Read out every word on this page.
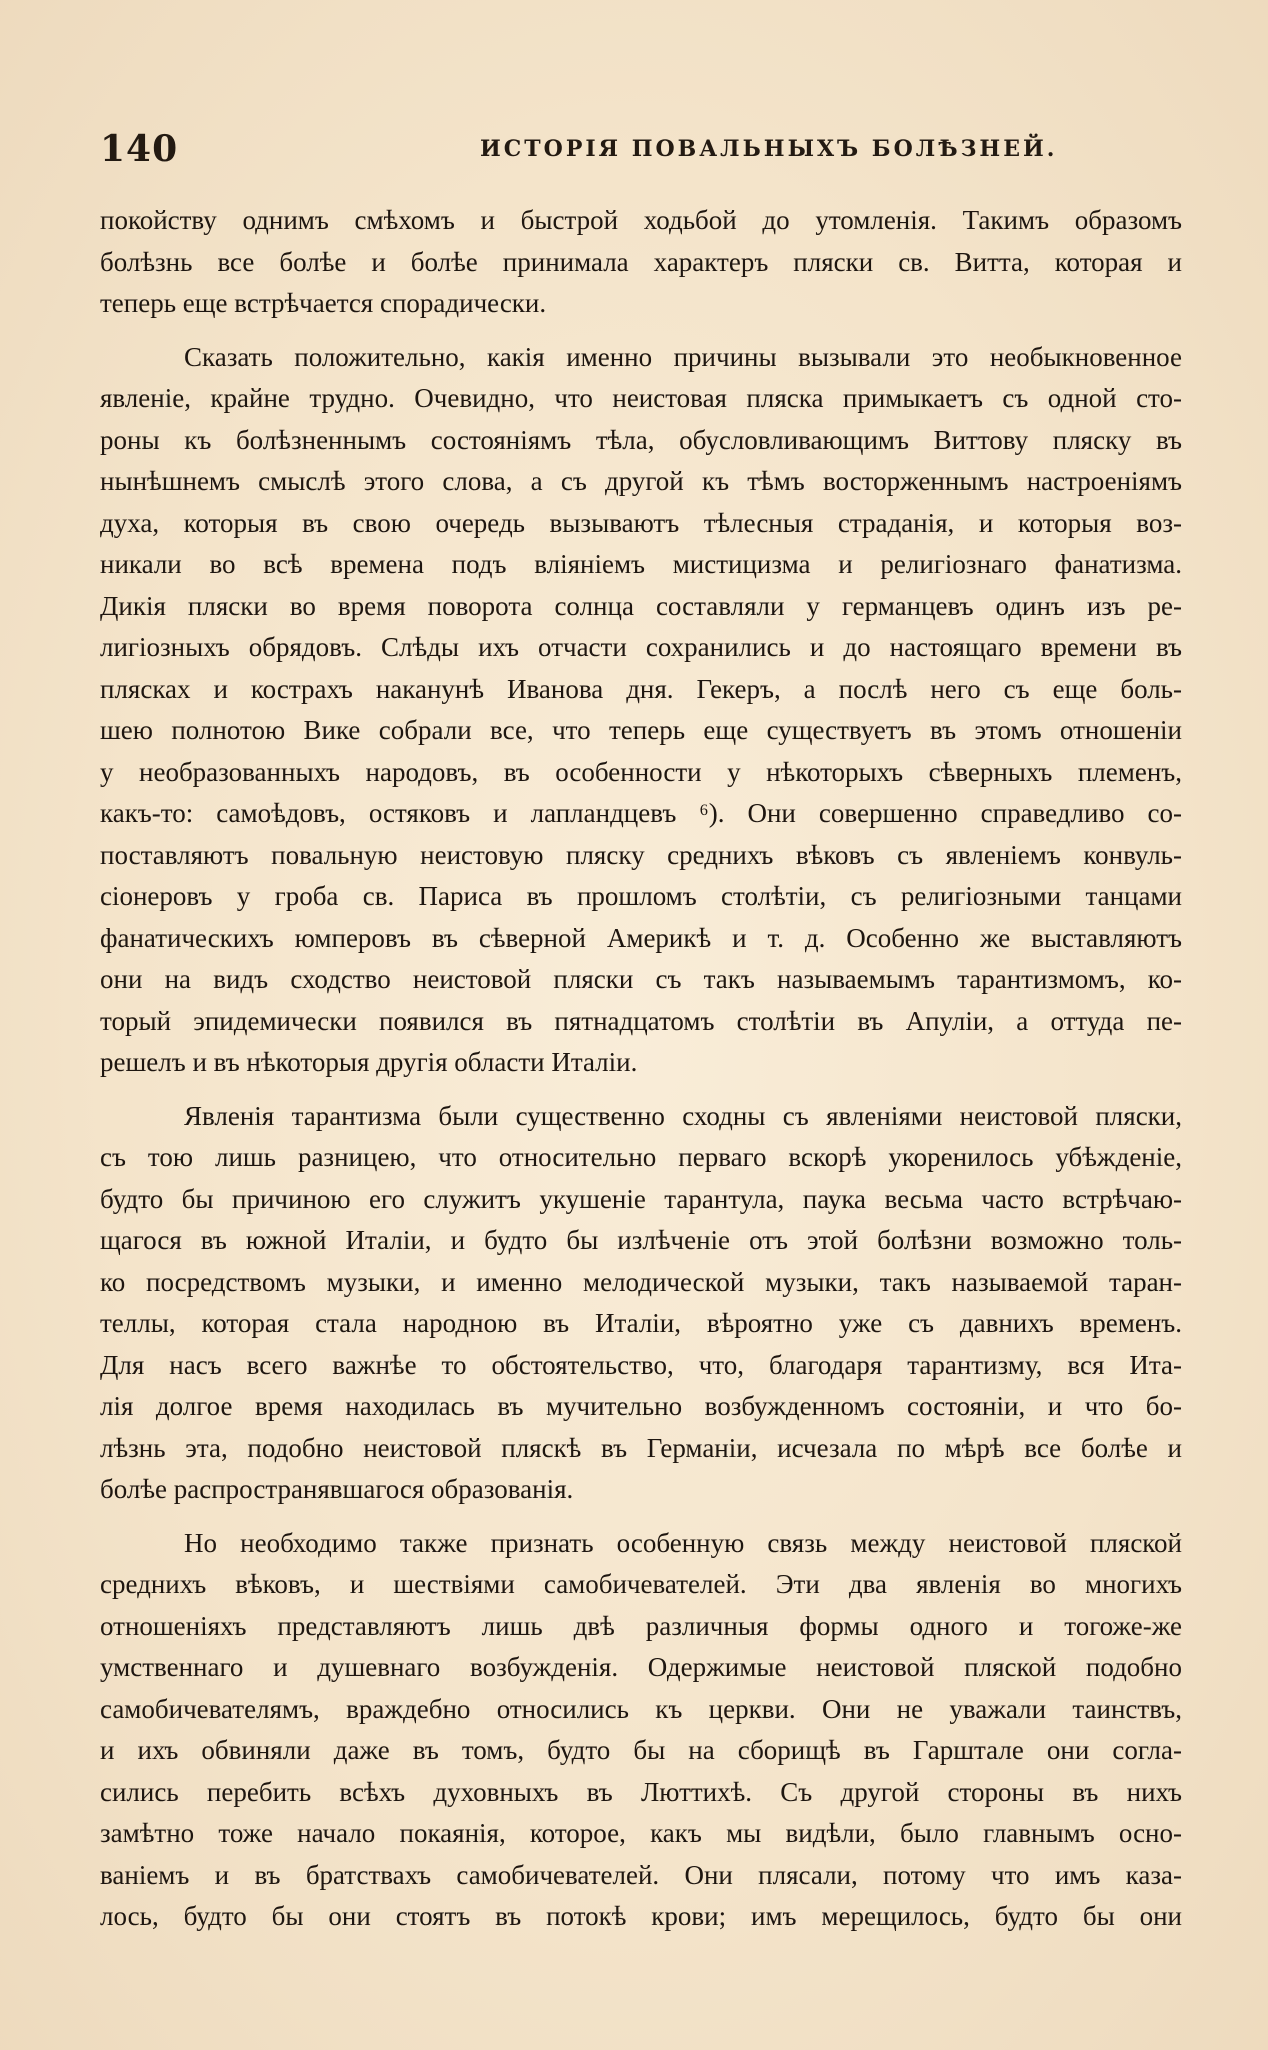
140	ИСТОРІЯ ПОВАЛЬНЫХЪ БОЛѢЗНЕЙ.
покойству однимъ смѣхомъ и быстрой ходьбой до утомленія. Такимъ образомъ
болѣзнь все болѣе и болѣе принимала характеръ пляски св. Витта, которая и
теперь еще встрѣчается спорадически.
Сказать положительно, какія именно причины вызывали это необыкновенное
явленіе, крайне трудно. Очевидно, что неистовая пляска примыкаетъ съ одной сто-
роны къ болѣзненнымъ состояніямъ тѣла, обусловливающимъ Виттову пляску въ
нынѣшнемъ смыслѣ этого слова, а съ другой къ тѣмъ восторженнымъ настроеніямъ
духа, которыя въ свою очередь вызываютъ тѣлесныя страданія, и которыя воз-
никали во всѣ времена подъ вліяніемъ мистицизма и религіознаго фанатизма.
Дикія пляски во время поворота солнца составляли у германцевъ одинъ изъ ре-
лигіозныхъ обрядовъ. Слѣды ихъ отчасти сохранились и до настоящаго времени въ
плясках и кострахъ наканунѣ Иванова дня. Гекеръ, а послѣ него съ еще боль-
шею полнотою Вике собрали все, что теперь еще существуетъ въ этомъ отношеніи
у необразованныхъ народовъ, въ особенности у нѣкоторыхъ сѣверныхъ племенъ,
какъ-то: самоѣдовъ, остяковъ и лапландцевъ ⁶). Они совершенно справедливо со-
поставляютъ повальную неистовую пляску среднихъ вѣковъ съ явленіемъ конвуль-
сіонеровъ у гроба св. Париса въ прошломъ столѣтіи, съ религіозными танцами
фанатическихъ юмперовъ въ сѣверной Америкѣ и т. д. Особенно же выставляютъ
они на видъ сходство неистовой пляски съ такъ называемымъ тарантизмомъ, ко-
торый эпидемически появился въ пятнадцатомъ столѣтіи въ Апуліи, а оттуда пе-
решелъ и въ нѣкоторыя другія области Италіи.
Явленія тарантизма были существенно сходны съ явленіями неистовой пляски,
съ тою лишь разницею, что относительно перваго вскорѣ укоренилось убѣжденіе,
будто бы причиною его служитъ укушеніе тарантула, паука весьма часто встрѣчаю-
щагося въ южной Италіи, и будто бы излѣченіе отъ этой болѣзни возможно толь-
ко посредствомъ музыки, и именно мелодической музыки, такъ называемой таран-
теллы, которая стала народною въ Италіи, вѣроятно уже съ давнихъ временъ.
Для насъ всего важнѣе то обстоятельство, что, благодаря тарантизму, вся Ита-
лія долгое время находилась въ мучительно возбужденномъ состояніи, и что бо-
лѣзнь эта, подобно неистовой пляскѣ въ Германіи, исчезала по мѣрѣ все болѣе и
болѣе распространявшагося образованія.
Но необходимо также признать особенную связь между неистовой пляской
среднихъ вѣковъ, и шествіями самобичевателей. Эти два явленія во многихъ
отношеніяхъ представляютъ лишь двѣ различныя формы одного и тогоже-же
умственнаго и душевнаго возбужденія. Одержимые неистовой пляской подобно
самобичевателямъ, враждебно относились къ церкви. Они не уважали таинствъ,
и ихъ обвиняли даже въ томъ, будто бы на сборищѣ въ Гарштале они согла-
сились перебить всѣхъ духовныхъ въ Люттихѣ. Съ другой стороны въ нихъ
замѣтно тоже начало покаянія, которое, какъ мы видѣли, было главнымъ осно-
ваніемъ и въ братствахъ самобичевателей. Они плясали, потому что имъ каза-
лось, будто бы они стоятъ въ потокѣ крови; имъ мерещилось, будто бы они
